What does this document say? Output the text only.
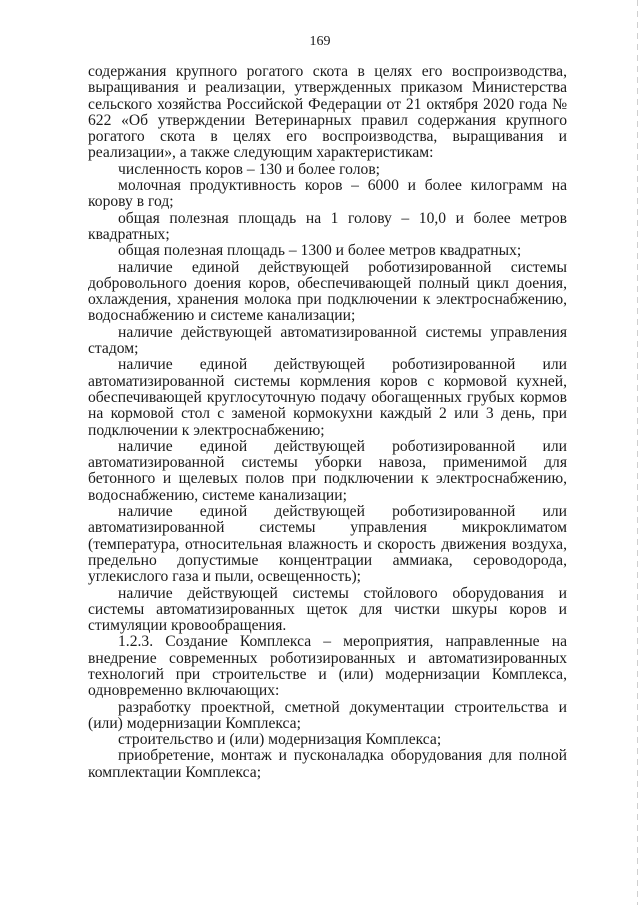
169

содержания крупного рогатого скота в целях его воспроизводства, выращивания и реализации, утвержденных приказом Министерства сельского хозяйства Российской Федерации от 21 октября 2020 года № 622 «Об утверждении Ветеринарных правил содержания крупного рогатого скота в целях его воспроизводства, выращивания и реализации», а также следующим характеристикам:

численность коров – 130 и более голов;

молочная продуктивность коров – 6000 и более килограмм на корову в год;

общая полезная площадь на 1 голову – 10,0 и более метров квадратных;

общая полезная площадь – 1300 и более метров квадратных;

наличие единой действующей роботизированной системы добровольного доения коров, обеспечивающей полный цикл доения, охлаждения, хранения молока при подключении к электроснабжению, водоснабжению и системе канализации;

наличие действующей автоматизированной системы управления стадом;

наличие единой действующей роботизированной или автоматизированной системы кормления коров с кормовой кухней, обеспечивающей круглосуточную подачу обогащенных грубых кормов на кормовой стол с заменой кормокухни каждый 2 или 3 день, при подключении к электроснабжению;

наличие единой действующей роботизированной или автоматизированной системы уборки навоза, применимой для бетонного и щелевых полов при подключении к электроснабжению, водоснабжению, системе канализации;

наличие единой действующей роботизированной или автоматизированной системы управления микроклиматом (температура, относительная влажность и скорость движения воздуха, предельно допустимые концентрации аммиака, сероводорода, углекислого газа и пыли, освещенность);

наличие действующей системы стойлового оборудования и системы автоматизированных щеток для чистки шкуры коров и стимуляции кровообращения.

1.2.3. Создание Комплекса – мероприятия, направленные на внедрение современных роботизированных и автоматизированных технологий при строительстве и (или) модернизации Комплекса, одновременно включающих:

разработку проектной, сметной документации строительства и (или) модернизации Комплекса;

строительство и (или) модернизация Комплекса;

приобретение, монтаж и пусконаладка оборудования для полной комплектации Комплекса;
